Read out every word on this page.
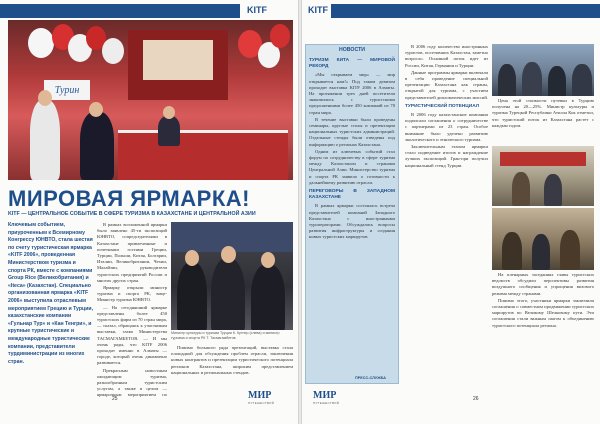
KITF
Турин
МИРОВАЯ ЯРМАРКА!
KITF — ЦЕНТРАЛЬНОЕ СОБЫТИЕ В СФЕРЕ ТУРИЗМА В КАЗАХСТАНЕ И ЦЕНТРАЛЬНОЙ АЗИИ
Ключевым событием, приуроченным к Всемирному Конгрессу ЮНВТО, стала шестая по счету туристическая ярмарка «KITF 2006», проведенная Министерством туризма и спорта РК, вместе с компаниями Group Rice (Великобритания) и «Iteca» (Казахстан). Специально организованная ярмарка «KITF 2006» выступила отраслевым мероприятием Грецию и Турции, казахстанские компании «Гульнар Тур» и «Кан Тенгри», и крупные туристические и международные туристические компании, представители турдиминистрации из многих стран.

В рамках возложенной ярмарки было заявлено 45-ти экспозиций ЮНВТО, сопредседателями в Казахстане привлеченные и почетными гостями Греции, Турции, Польши, Китая, Болгарии, Италии, Великобритании, Чехии, Малайзии, руководители туристских предприятий России и многих других стран.

Ярмарку открыли министр туризма и спорта РК, вице-Министр туризма ЮНВТО.

— На сегодняшний ярмарке представлены более 450 туристских фирм из 70 стран мира, — сказал, обращаясь к участникам выставки, глава Министерства ТАСМАГАМБЕТОВ. — И мы очень рады, что KITF 2006 проходит именно в Алматы — городе, который очень динамично развивается.

Прекрасным новостным ожидающим туризма, разнообразным туристским услугам, а также в целом — ярмарочным мероприятием по

Министр культуры и туризма Турции К. Кутнер (слева) и министр туризма и спорта РК Т. Тасмагамбетов

Помимо большого ряда презентаций, выставка стала площадкой для обсуждения проблем отрасли, заключения новых контрактов и презентации туристического потенциала регионов Казахстана, широким представлением национальных и региональных стендов.

25	МИР
ПУТЕШЕСТВИЙ
KITF
НОВОСТИ

ТУРИЗМ КИТА — МИРОВОЙ РЕКОРД

«Мы открываем мир» — мир открывается нам!» Под таким девизом проходит выставка KITF 2006 в Алматы. На протяжении трех дней посетители знакомились с туристскими предложениями более 450 компаний из 70 стран мира.

В течение выставки были проведены семинары, круглые столы и презентации национальных туристских администраций. Отдельные стенды были отведены под информацию о регионах Казахстана.

Одним из ключевых событий стал форум по сотрудничеству в сфере туризма между Казахстаном и странами Центральной Азии. Министерство туризма и спорта РК заявило о готовности к дальнейшему развитию отрасли.

ПЕРЕГОВОРЫ В ЗАПАДНОМ КАЗАХСТАНЕ

В рамках ярмарки состоялась встреча представителей компаний Западного Казахстана с иностранными туроператорами. Обсуждались вопросы развития инфраструктуры и создания новых туристских маршрутов.

ПРЕСС-СЛУЖБА

В 2006 году количество иностранных туристов, посетивших Казахстан, заметно возросло. Основной поток идет из России, Китая, Германии и Турции.

Данные программы ярмарки включали в себя проведение специальной презентации Казахстана как страны, открытой для туризма, с участием представителей дипломатических миссий.

ТУРИСТИЧЕСКИЙ ПОТЕНЦИАЛ

В 2006 году казахстанские компании подписали соглашения о сотрудничестве с партнерами из 23 стран. Особое внимание было уделено развитию экологического и этнического туризма.

Заключительным этапом ярмарки стало подведение итогов и награждение лучших экспозиций. Гран-при получил национальный стенд Турции.

Цена этой стоимости путевки в Турцию получена на 20—25%. Министр культуры и туризма Турецкой Республики Атилла Кок отметил, что туристский поток из Казахстана растет с каждым годом.

На пленарных заседаниях главы туристских ведомств обсудили перспективы развития воздушного сообщения и упрощения визового режима между странами.

Помимо этого, участники ярмарки заключили соглашения о совместном продвижении туристских маршрутов по Великому Шелковому пути. Эти соглашения стали важным шагом к объединению туристского потенциала региона.

МИР
ПУТЕШЕСТВИЙ
26
